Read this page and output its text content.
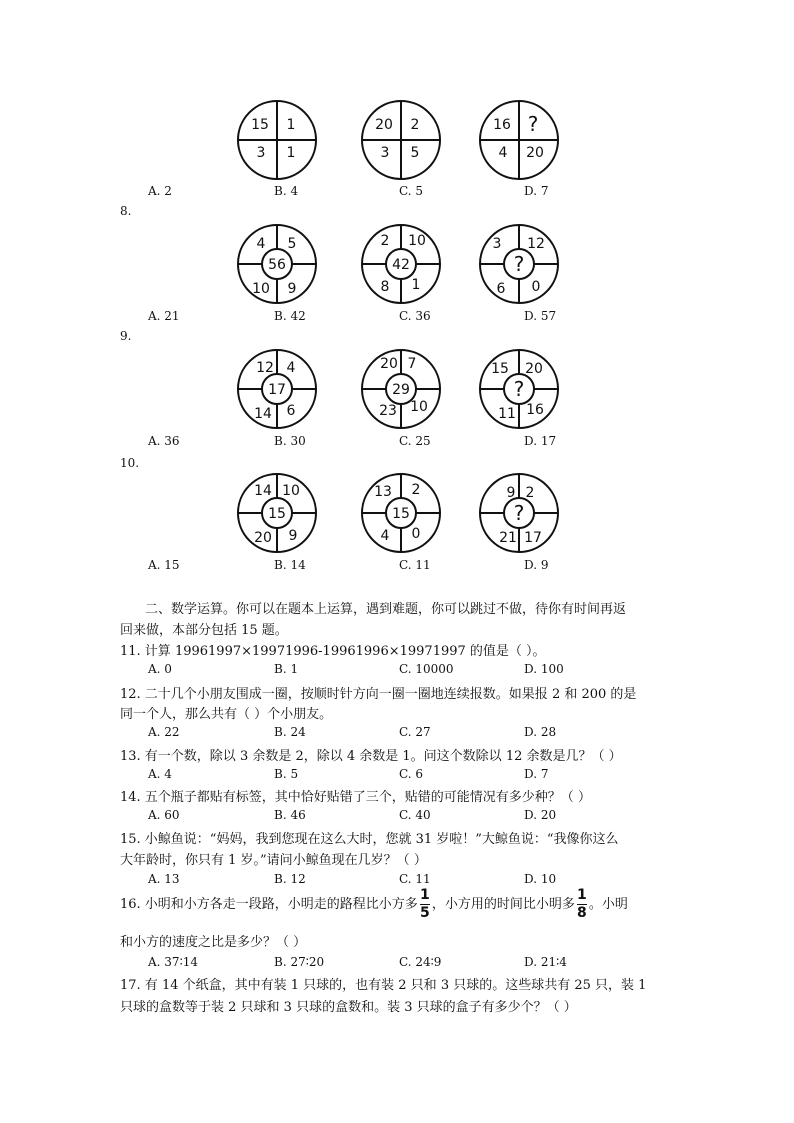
15 1
3 1
20 2
3 5
16 ?
4 20
A. 2	B. 4	C. 5	D. 7
8.
56
4 5
10 9
42
2 10
8 1
?
3 12
6 0
A. 21	B. 42	C. 36	D. 57
9.
17
12 4
14 6
29
20 7
23 10
?
15 20
11 16
A. 36	B. 30	C. 25	D. 17
10.
15
14 10
20 9
15
13 2
4 0
?
9 2
21 17
A. 15	B. 14	C. 11	D. 9
二、数学运算。你可以在题本上运算，遇到难题，你可以跳过不做，待你有时间再返
回来做，本部分包括 15 题。
11. 计算 19961997×19971996-19961996×19971997 的值是（ ）。
A. 0	B. 1	C. 10000	D. 100
12. 二十几个小朋友围成一圈，按顺时针方向一圈一圈地连续报数。如果报 2 和 200 的是
同一个人，那么共有（ ）个小朋友。
A. 22	B. 24	C. 27	D. 28
13. 有一个数，除以 3 余数是 2，除以 4 余数是 1。问这个数除以 12 余数是几？（ ）
A. 4	B. 5	C. 6	D. 7
14. 五个瓶子都贴有标签，其中恰好贴错了三个，贴错的可能情况有多少种？（ ）
A. 60	B. 46	C. 40	D. 20
15. 小鲸鱼说：“妈妈，我到您现在这么大时，您就 31 岁啦！”大鲸鱼说：“我像你这么
大年龄时，你只有 1 岁。”请问小鲸鱼现在几岁？（ ）
A. 13	B. 12	C. 11	D. 10
16. 小明和小方各走一段路，小明走的路程比小方多 $\frac{1}{5}$ ，小方用的时间比小明多 $\frac{1}{8}$ 。小明
和小方的速度之比是多少？（ ）
A. 37∶14	B. 27∶20	C. 24∶9	D. 21∶4
17. 有 14 个纸盒，其中有装 1 只球的，也有装 2 只和 3 只球的。这些球共有 25 只，装 1
只球的盒数等于装 2 只球和 3 只球的盒数和。装 3 只球的盒子有多少个？（ ）
